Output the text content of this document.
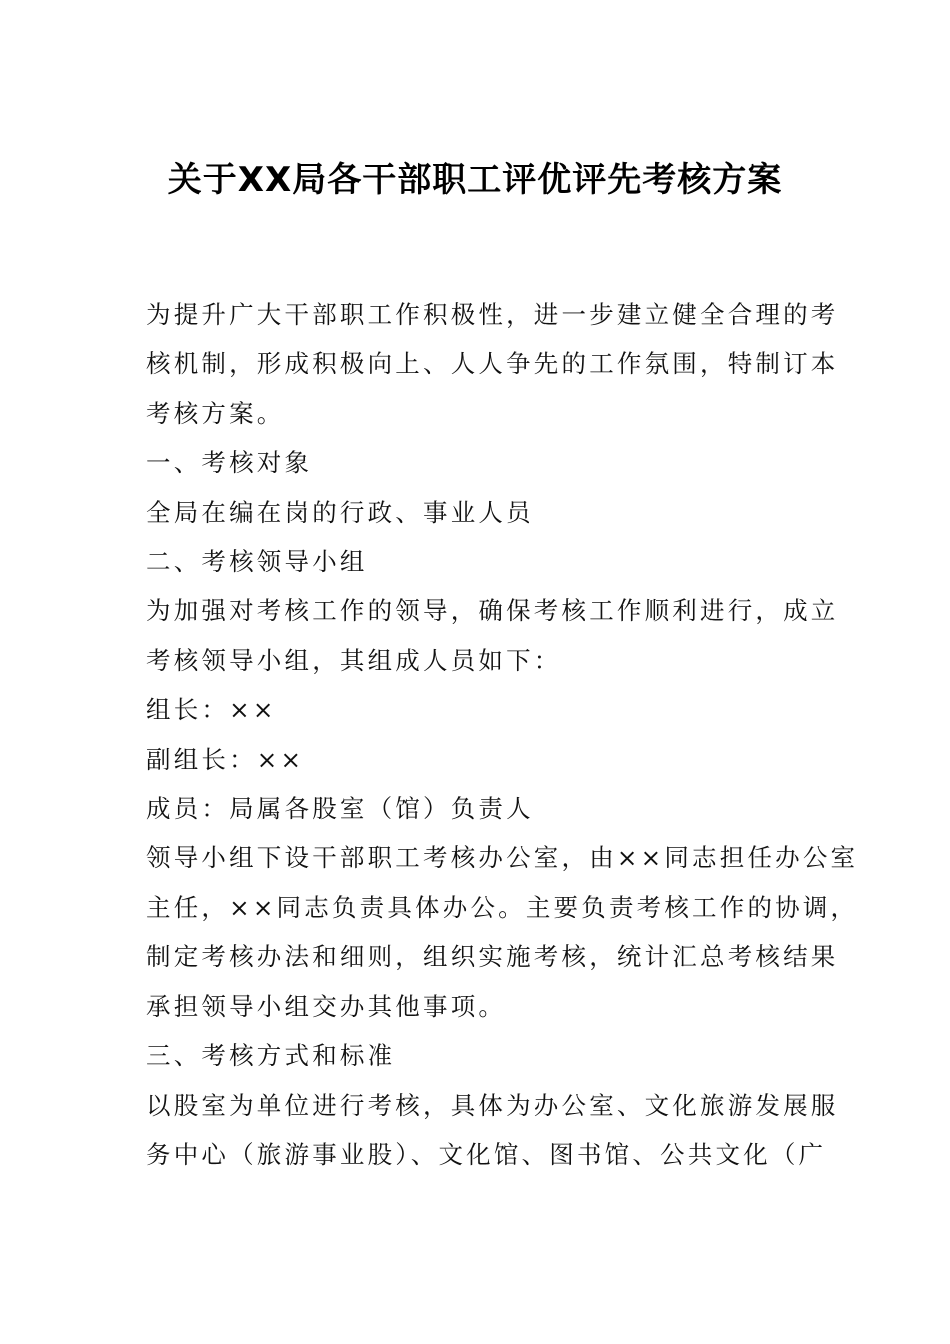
关于XX局各干部职工评优评先考核方案

为提升广大干部职工作积极性，进一步建立健全合理的考

核机制，形成积极向上、人人争先的工作氛围，特制订本

考核方案。

一、考核对象

全局在编在岗的行政、事业人员

二、考核领导小组

为加强对考核工作的领导，确保考核工作顺利进行，成立

考核领导小组，其组成人员如下：

组长：××

副组长：××

成员：局属各股室（馆）负责人

领导小组下设干部职工考核办公室，由××同志担任办公室

主任，××同志负责具体办公。主要负责考核工作的协调，

制定考核办法和细则，组织实施考核，统计汇总考核结果

承担领导小组交办其他事项。

三、考核方式和标准

以股室为单位进行考核，具体为办公室、文化旅游发展服

务中心（旅游事业股）、文化馆、图书馆、公共文化（广
